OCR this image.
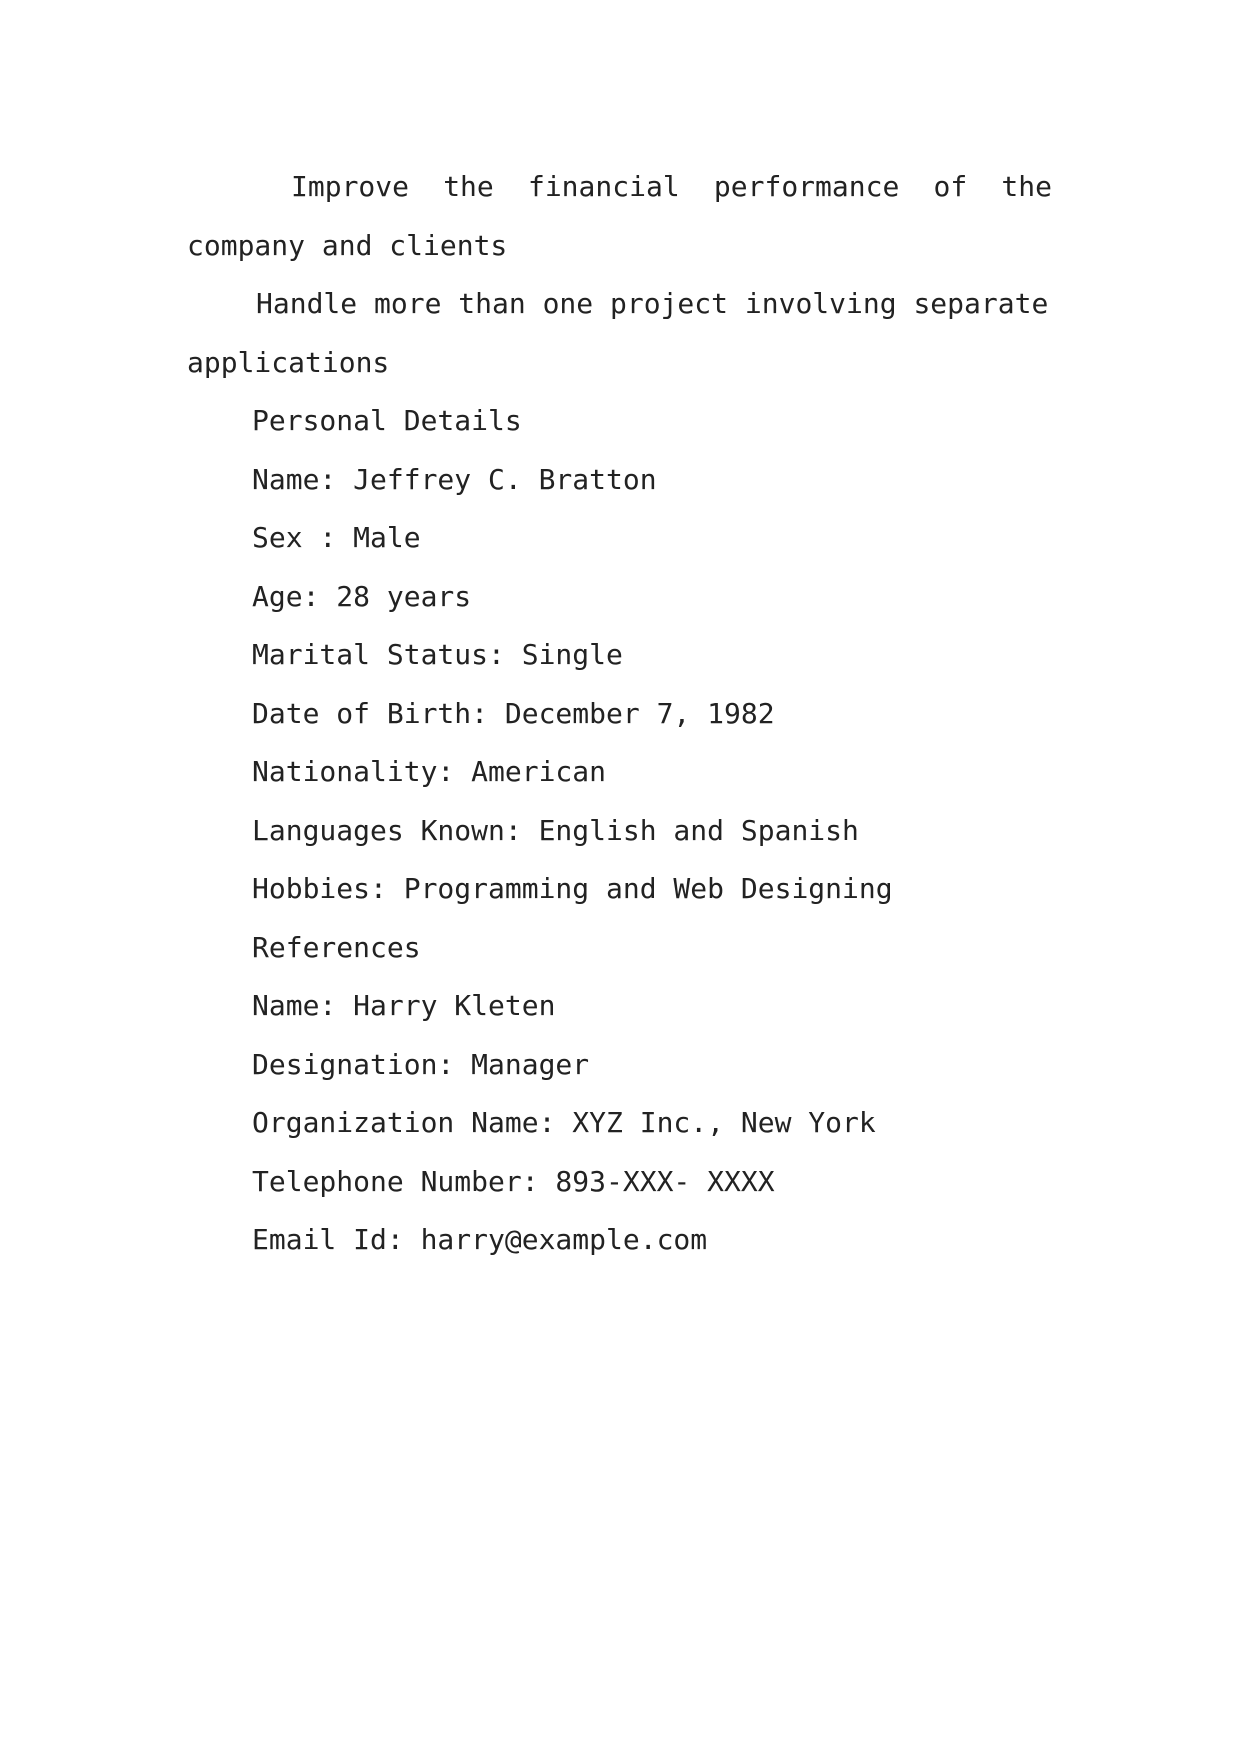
Improve the financial performance of the company and clients

Handle more than one project involving separate applications

Personal Details

Name: Jeffrey C. Bratton

Sex : Male

Age: 28 years

Marital Status: Single

Date of Birth: December 7, 1982

Nationality: American

Languages Known: English and Spanish

Hobbies: Programming and Web Designing

References

Name: Harry Kleten

Designation: Manager

Organization Name: XYZ Inc., New York

Telephone Number: 893-XXX- XXXX

Email Id: harry@example.com
